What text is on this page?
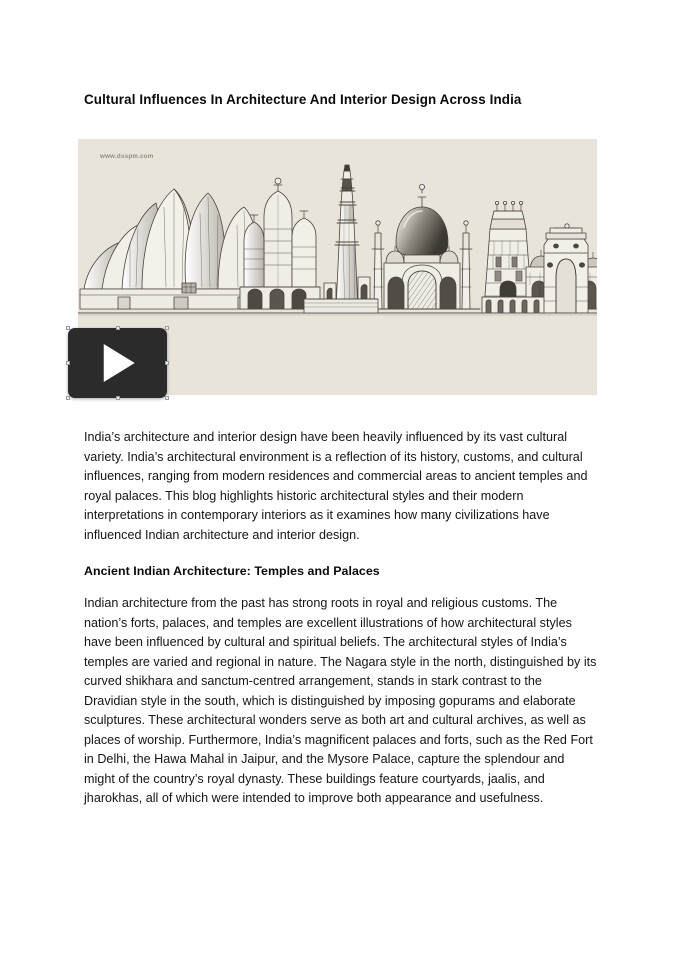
Cultural Influences In Architecture And Interior Design Across India
www.dsspm.com

India’s architecture and interior design have been heavily influenced by its vast cultural variety. India’s architectural environment is a reflection of its history, customs, and cultural influences, ranging from modern residences and commercial areas to ancient temples and royal palaces. This blog highlights historic architectural styles and their modern interpretations in contemporary interiors as it examines how many civilizations have influenced Indian architecture and interior design.

Ancient Indian Architecture: Temples and Palaces

Indian architecture from the past has strong roots in royal and religious customs. The nation’s forts, palaces, and temples are excellent illustrations of how architectural styles have been influenced by cultural and spiritual beliefs. The architectural styles of India’s temples are varied and regional in nature. The Nagara style in the north, distinguished by its curved shikhara and sanctum-centred arrangement, stands in stark contrast to the Dravidian style in the south, which is distinguished by imposing gopurams and elaborate sculptures. These architectural wonders serve as both art and cultural archives, as well as places of worship. Furthermore, India’s magnificent palaces and forts, such as the Red Fort in Delhi, the Hawa Mahal in Jaipur, and the Mysore Palace, capture the splendour and might of the country’s royal dynasty. These buildings feature courtyards, jaalis, and jharokhas, all of which were intended to improve both appearance and usefulness.
